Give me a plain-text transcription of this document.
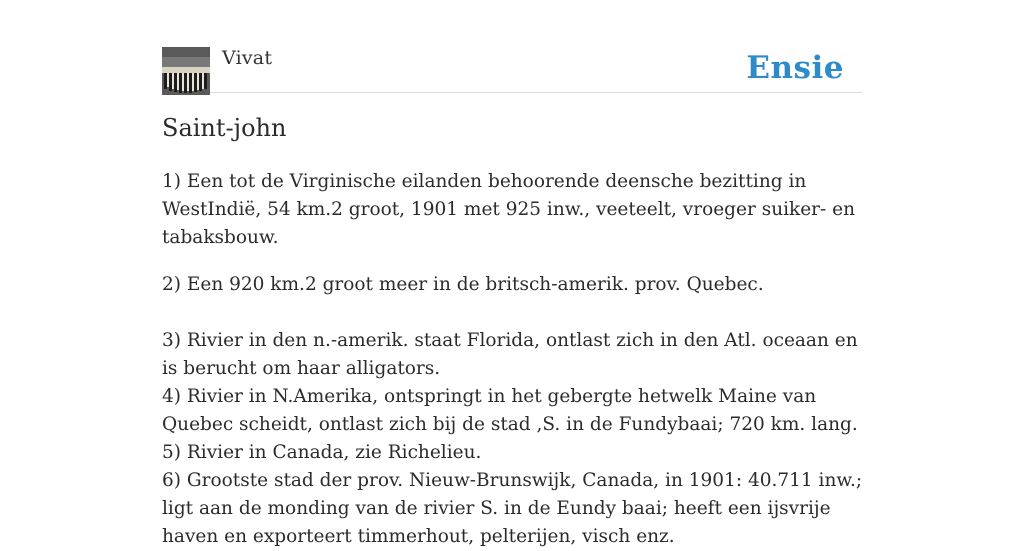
Vivat	Ensie
Saint-john

1) Een tot de Virginische eilanden behoorende deensche bezitting in WestIndië, 54 km.2 groot, 1901 met 925 inw., veeteelt, vroeger suiker- en tabaksbouw.

2) Een 920 km.2 groot meer in de britsch-amerik. prov. Quebec.

3) Rivier in den n.-amerik. staat Florida, ontlast zich in den Atl. oceaan en is berucht om haar alligators.

4) Rivier in N.Amerika, ontspringt in het gebergte hetwelk Maine van Quebec scheidt, ontlast zich bij de stad ,S. in de Fundybaai; 720 km. lang.

5) Rivier in Canada, zie Richelieu.

6) Grootste stad der prov. Nieuw-Brunswijk, Canada, in 1901: 40.711 inw.; ligt aan de monding van de rivier S. in de Eundy baai; heeft een ijsvrije haven en exporteert timmerhout, pelterijen, visch enz.
